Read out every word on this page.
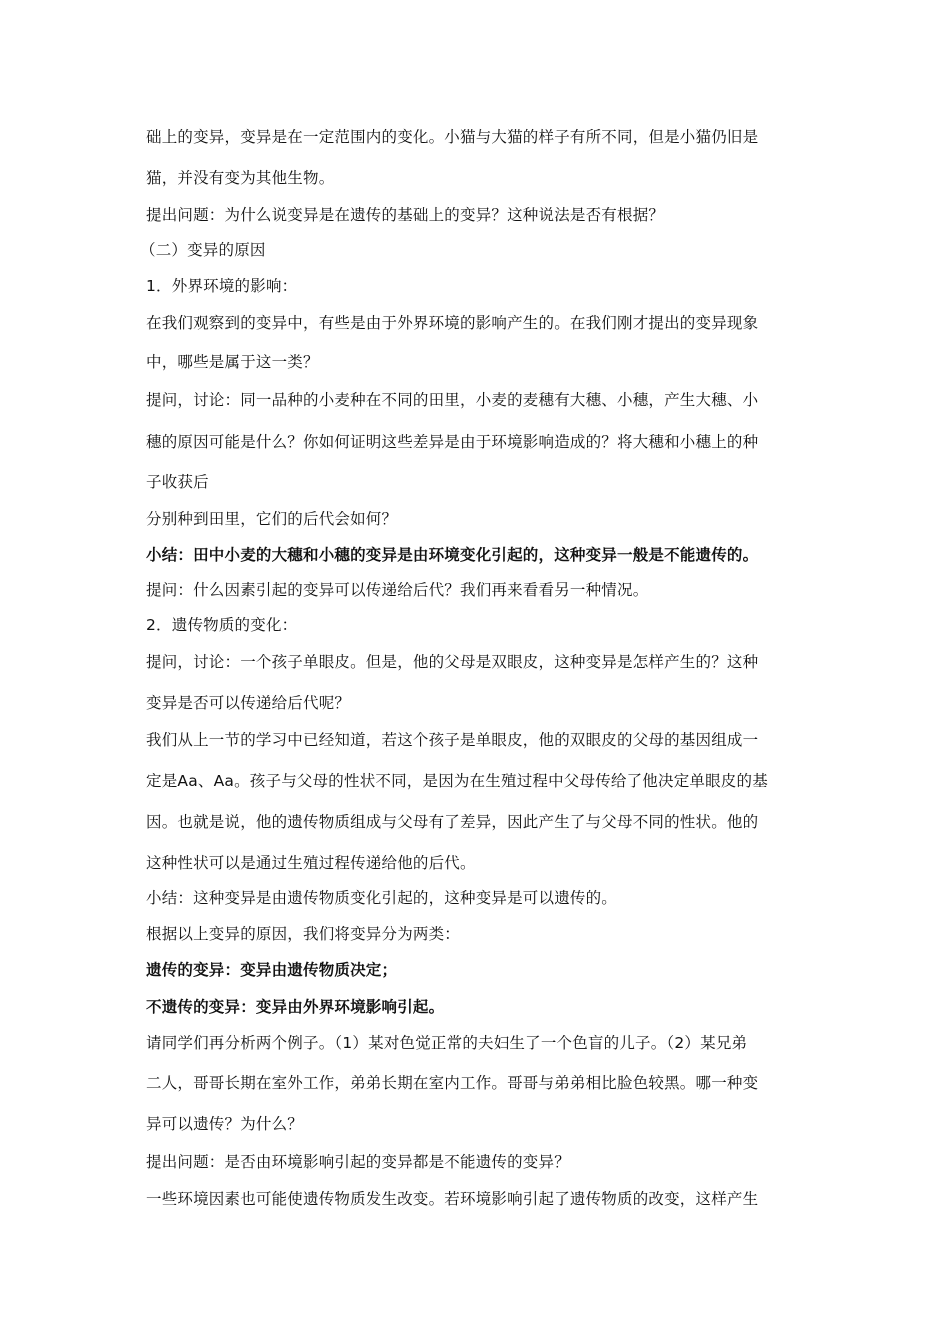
础上的变异，变异是在一定范围内的变化。小猫与大猫的样子有所不同，但是小猫仍旧是
猫，并没有变为其他生物。
提出问题：为什么说变异是在遗传的基础上的变异？这种说法是否有根据？
（二）变异的原因
1．外界环境的影响：
在我们观察到的变异中，有些是由于外界环境的影响产生的。在我们刚才提出的变异现象
中，哪些是属于这一类？
提问，讨论：同一品种的小麦种在不同的田里，小麦的麦穗有大穗、小穗，产生大穗、小
穗的原因可能是什么？你如何证明这些差异是由于环境影响造成的？将大穗和小穗上的种
子收获后
分别种到田里，它们的后代会如何？
小结：田中小麦的大穗和小穗的变异是由环境变化引起的，这种变异一般是不能遗传的。
提问：什么因素引起的变异可以传递给后代？我们再来看看另一种情况。
2．遗传物质的变化：
提问，讨论：一个孩子单眼皮。但是，他的父母是双眼皮，这种变异是怎样产生的？这种
变异是否可以传递给后代呢？
我们从上一节的学习中已经知道，若这个孩子是单眼皮，他的双眼皮的父母的基因组成一
定是Aa、Aa。孩子与父母的性状不同，是因为在生殖过程中父母传给了他决定单眼皮的基
因。也就是说，他的遗传物质组成与父母有了差异，因此产生了与父母不同的性状。他的
这种性状可以是通过生殖过程传递给他的后代。
小结：这种变异是由遗传物质变化引起的，这种变异是可以遗传的。
根据以上变异的原因，我们将变异分为两类：
遗传的变异：变异由遗传物质决定；
不遗传的变异：变异由外界环境影响引起。
请同学们再分析两个例子。（1）某对色觉正常的夫妇生了一个色盲的儿子。（2）某兄弟
二人，哥哥长期在室外工作，弟弟长期在室内工作。哥哥与弟弟相比脸色较黑。哪一种变
异可以遗传？为什么？
提出问题：是否由环境影响引起的变异都是不能遗传的变异？
一些环境因素也可能使遗传物质发生改变。若环境影响引起了遗传物质的改变，这样产生
